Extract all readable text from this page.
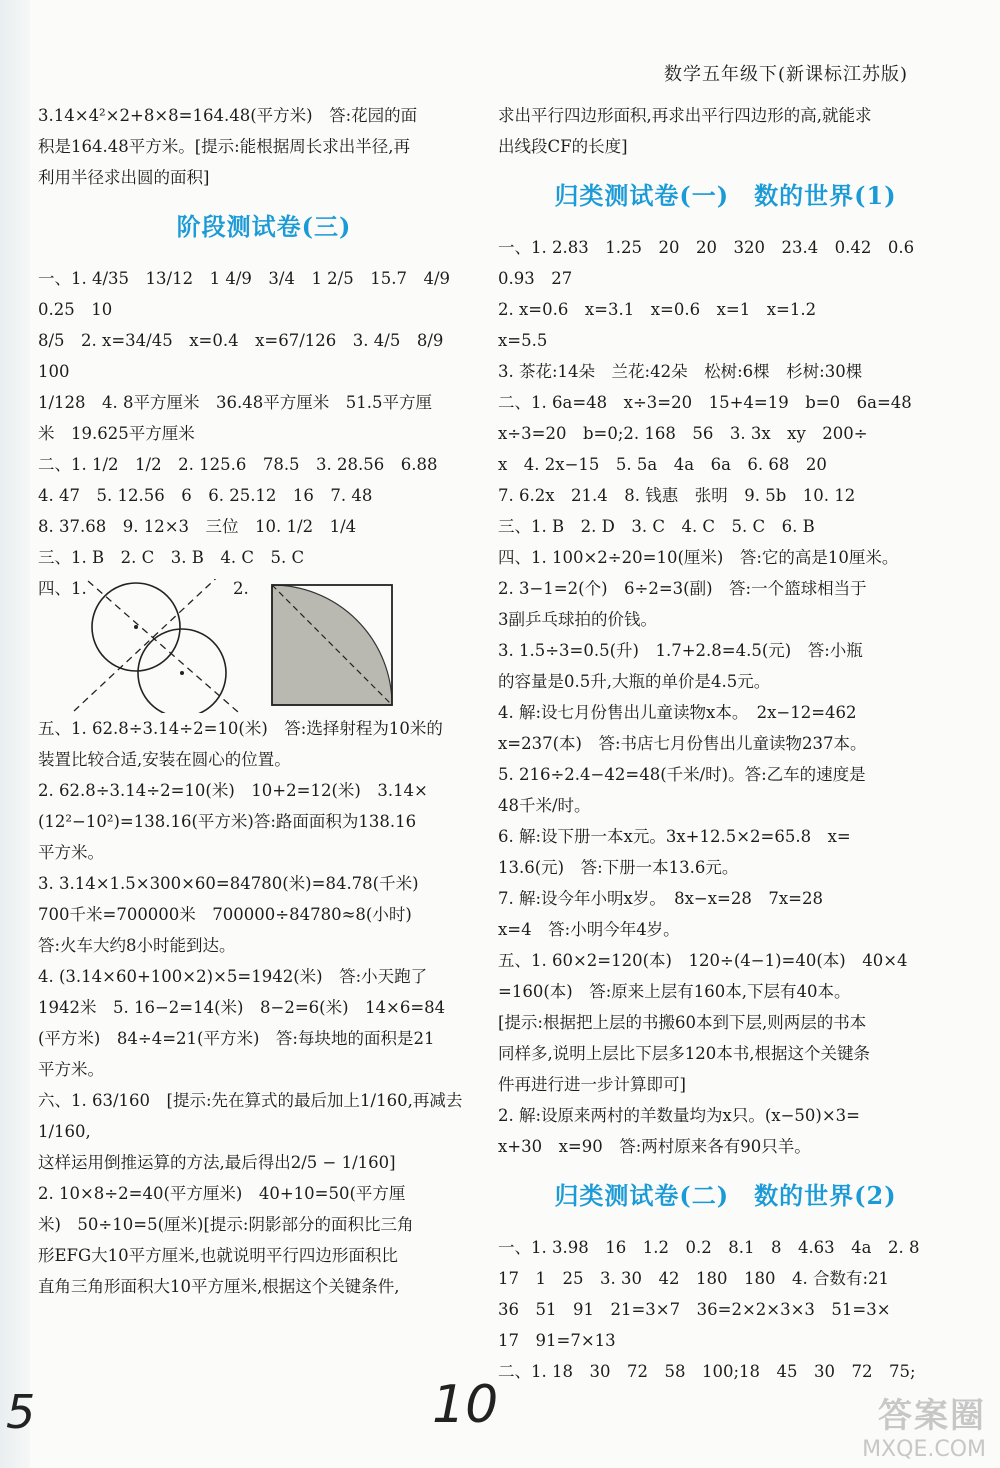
数学五年级下(新课标江苏版)
3.14×4²×2+8×8=164.48(平方米)　答:花园的面
积是164.48平方米。[提示:能根据周长求出半径,再
利用半径求出圆的面积]
阶段测试卷(三)
一、1. 4/35　13/12　1 4/9　3/4　1 2/5　15.7　4/9　0.25　10
8/5　2. x=34/45　x=0.4　x=67/126　3. 4/5　8/9　100
1/128　4. 8平方厘米　36.48平方厘米　51.5平方厘
米　19.625平方厘米
二、1. 1/2　1/2　2. 125.6　78.5　3. 28.56　6.88
4. 47　5. 12.56　6　6. 25.12　16　7. 48
8. 37.68　9. 12×3　三位　10. 1/2　1/4
三、1. B　2. C　3. B　4. C　5. C
四、1.	2.
五、1. 62.8÷3.14÷2=10(米)　答:选择射程为10米的
装置比较合适,安装在圆心的位置。
2. 62.8÷3.14÷2=10(米)　10+2=12(米)　3.14×
(12²−10²)=138.16(平方米)答:路面面积为138.16
平方米。
3. 3.14×1.5×300×60=84780(米)=84.78(千米)
700千米=700000米　700000÷84780≈8(小时)
答:火车大约8小时能到达。
4. (3.14×60+100×2)×5=1942(米)　答:小天跑了
1942米　5. 16−2=14(米)　8−2=6(米)　14×6=84
(平方米)　84÷4=21(平方米)　答:每块地的面积是21
平方米。
六、1. 63/160　[提示:先在算式的最后加上1/160,再减去1/160,
这样运用倒推运算的方法,最后得出2/5 − 1/160]
2. 10×8÷2=40(平方厘米)　40+10=50(平方厘
米)　50÷10=5(厘米)[提示:阴影部分的面积比三角
形EFG大10平方厘米,也就说明平行四边形面积比
直角三角形面积大10平方厘米,根据这个关键条件,
求出平行四边形面积,再求出平行四边形的高,就能求
出线段CF的长度]
归类测试卷(一)　数的世界(1)
一、1. 2.83　1.25　20　20　320　23.4　0.42　0.6
0.93　27
2. x=0.6　x=3.1　x=0.6　x=1　x=1.2
x=5.5
3. 茶花:14朵　兰花:42朵　松树:6棵　杉树:30棵
二、1. 6a=48　x÷3=20　15+4=19　b=0　6a=48
x÷3=20　b=0;2. 168　56　3. 3x　xy　200÷
x　4. 2x−15　5. 5a　4a　6a　6. 68　20
7. 6.2x　21.4　8. 钱惠　张明　9. 5b　10. 12
三、1. B　2. D　3. C　4. C　5. C　6. B
四、1. 100×2÷20=10(厘米)　答:它的高是10厘米。
2. 3−1=2(个)　6÷2=3(副)　答:一个篮球相当于
3副乒乓球拍的价钱。
3. 1.5÷3=0.5(升)　1.7+2.8=4.5(元)　答:小瓶
的容量是0.5升,大瓶的单价是4.5元。
4. 解:设七月份售出儿童读物x本。　2x−12=462
x=237(本)　答:书店七月份售出儿童读物237本。
5. 216÷2.4−42=48(千米/时)。答:乙车的速度是
48千米/时。
6. 解:设下册一本x元。3x+12.5×2=65.8　x=
13.6(元)　答:下册一本13.6元。
7. 解:设今年小明x岁。　8x−x=28　7x=28
x=4　答:小明今年4岁。
五、1. 60×2=120(本)　120÷(4−1)=40(本)　40×4
=160(本)　答:原来上层有160本,下层有40本。
[提示:根据把上层的书搬60本到下层,则两层的书本
同样多,说明上层比下层多120本书,根据这个关键条
件再进行进一步计算即可]
2. 解:设原来两村的羊数量均为x只。(x−50)×3=
x+30　x=90　答:两村原来各有90只羊。
归类测试卷(二)　数的世界(2)
一、1. 3.98　16　1.2　0.2　8.1　8　4.63　4a　2. 8
17　1　25　3. 30　42　180　180　4. 合数有:21
36　51　91　21=3×7　36=2×2×3×3　51=3×
17　91=7×13
二、1. 18　30　72　58　100;18　45　30　72　75;
10
5	答案圈
MXQE.COM
